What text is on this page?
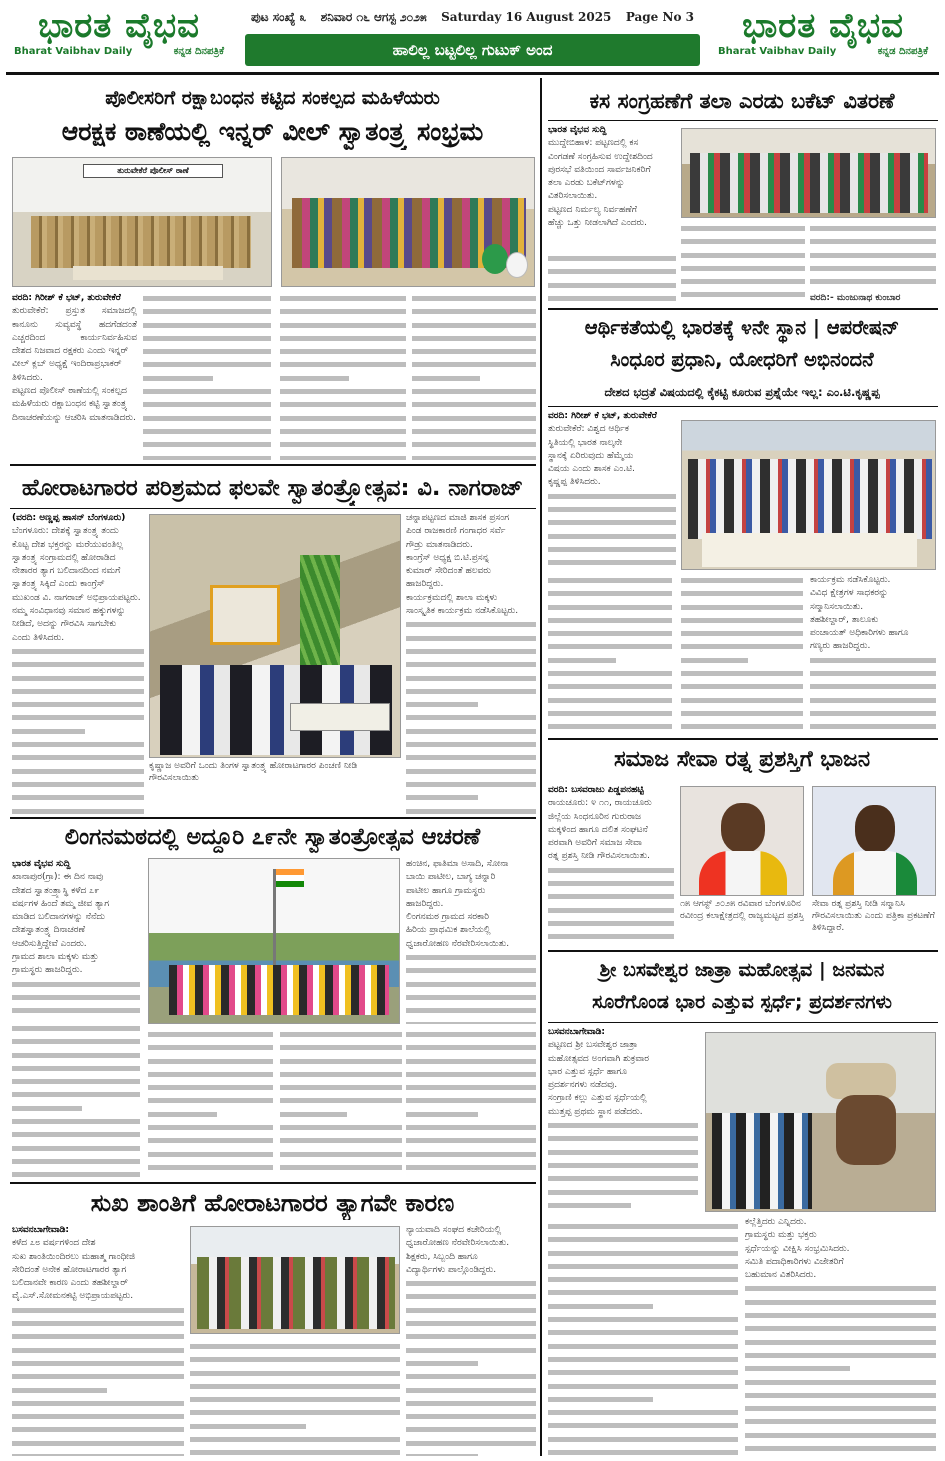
ಭಾರತ ವೈಭವ
Bharat Vaibhav Daily	ಕನ್ನಡ ದಿನಪತ್ರಿಕೆ
ಪುಟ ಸಂಖ್ಯೆ ೩ ಶನಿವಾರ ೧೬ ಆಗಸ್ಟ ೨೦೨೫ Saturday 16 August 2025 Page No 3
ಹಾಲಿಲ್ಲ ಬಟ್ಟಲಿಲ್ಲ ಗುಟುಕ್ ಅಂದ
ಭಾರತ ವೈಭವ
Bharat Vaibhav Daily	ಕನ್ನಡ ದಿನಪತ್ರಿಕೆ
ಪೊಲೀಸರಿಗೆ ರಕ್ಷಾಬಂಧನ ಕಟ್ಟಿದ ಸಂಕಲ್ಪದ ಮಹಿಳೆಯರು
ಆರಕ್ಷಕ ಠಾಣೆಯಲ್ಲಿ ಇನ್ನರ್ ವೀಲ್ ಸ್ವಾತಂತ್ರ್ಯ ಸಂಭ್ರಮ
ತುರುವೇಕೆರೆ ಪೊಲೀಸ್ ಠಾಣೆ
ವರದಿ: ಗಿರೀಶ್ ಕೆ ಭಟ್, ತುರುವೇಕೆರೆ
ತುರುವೇಕೆರೆ: ಪ್ರಸ್ತುತ ಸಮಾಜದಲ್ಲಿ
ಕಾನೂನು ಸುವ್ಯವಸ್ಥೆ ಹದಗೆಡದಂತೆ
ಎಚ್ಚರದಿಂದ ಕಾರ್ಯನಿರ್ವಹಿಸುವ
ದೇಶದ ನಿಜವಾದ ರಕ್ಷಕರು ಎಂದು ಇನ್ನರ್
ವೀಲ್ ಕ್ಲಬ್ ಅಧ್ಯಕ್ಷೆ ಇಂದಿರಾಪ್ರಭಾಕರ್
ತಿಳಿಸಿದರು.
ಪಟ್ಟಣದ ಪೊಲೀಸ್ ಠಾಣೆಯಲ್ಲಿ ಸಂಕಲ್ಪದ
ಮಹಿಳೆಯರು ರಕ್ಷಾಬಂಧನ ಕಟ್ಟಿ ಸ್ವಾತಂತ್ರ್ಯ
ದಿನಾಚರಣೆಯನ್ನು ಆಚರಿಸಿ ಮಾತನಾಡಿದರು.
ಹೋರಾಟಗಾರರ ಪರಿಶ್ರಮದ ಫಲವೇ ಸ್ವಾತಂತ್ರ್ಯೋತ್ಸವ: ವಿ. ನಾಗರಾಜ್
(ವರದಿ: ಅಣ್ಣಪ್ಪ ಹಾಸನ್ ಬೆಂಗಳೂರು)
ಬೆಂಗಳೂರು: ದೇಶಕ್ಕೆ ಸ್ವಾತಂತ್ರ್ಯ ತಂದು
ಕೊಟ್ಟ ದೇಶ ಭಕ್ತರನ್ನು ಮರೆಯುವಂತಿಲ್ಲ
ಸ್ವಾತಂತ್ರ್ಯ ಸಂಗ್ರಾಮದಲ್ಲಿ ಹೋರಾಡಿದ
ನೇತಾರರ ತ್ಯಾಗ ಬಲಿದಾನದಿಂದ ನಮಗೆ
ಸ್ವಾತಂತ್ರ್ಯ ಸಿಕ್ಕಿದೆ ಎಂದು ಕಾಂಗ್ರೆಸ್
ಮುಖಂಡ ವಿ. ನಾಗರಾಜ್ ಅಭಿಪ್ರಾಯಪಟ್ಟರು.
ನಮ್ಮ ಸಂವಿಧಾನವು ಸಮಾನ ಹಕ್ಕುಗಳನ್ನು
ನೀಡಿದೆ, ಅದನ್ನು ಗೌರವಿಸಿ ಸಾಗಬೇಕು
ಎಂದು ತಿಳಿಸಿದರು.
ಕೃಷ್ಣಾಜ ಅವರಿಗೆ ಒಂದು ತಿಂಗಳ ಸ್ವಾತಂತ್ರ್ಯ ಹೋರಾಟಗಾರರ ಪಿಂಚಣಿ ನೀಡಿ ಗೌರವಿಸಲಾಯಿತು
ಚನ್ನಾಪಟ್ಟಣದ ಮಾಜಿ ಶಾಸಕ ಪ್ರಸಂಗ
ಪಿಂಡ ರಾಜಕಾರಣಿ ಗಂಗಾಧರ ಸರ್ವೆ
ಗೌಡ್ರು ಮಾತನಾಡಿದರು.
ಕಾಂಗ್ರೆಸ್ ಅಧ್ಯಕ್ಷ ಬಿ.ಟಿ.ಪ್ರಸನ್ನ
ಕುಮಾರ್ ಸೇರಿದಂತೆ ಹಲವರು
ಹಾಜರಿದ್ದರು.
ಕಾರ್ಯಕ್ರಮದಲ್ಲಿ ಶಾಲಾ ಮಕ್ಕಳು
ಸಾಂಸ್ಕೃತಿಕ ಕಾರ್ಯಕ್ರಮ ನಡೆಸಿಕೊಟ್ಟರು.
ಲಿಂಗನಮಠದಲ್ಲಿ ಅದ್ದೂರಿ ೭೯ನೇ ಸ್ವಾತಂತ್ರೋತ್ಸವ ಆಚರಣೆ
ಭಾರತ ವೈಭವ ಸುದ್ದಿ
ಖಾನಾಪುರ(ಗ್ರಾ): ಈ ದಿನ ನಾವು
ದೇಶದ ಸ್ವಾತಂತ್ರ್ಯಾಸ್ಥಿ ಕಳೆದ ೭೯
ವರ್ಷಗಳ ಹಿಂದೆ ತಮ್ಮ ಜೀವ ತ್ಯಾಗ
ಮಾಡಿದ ಬಲಿದಾನಗಳನ್ನು ನೆನೆದು
ದೇಶಸ್ವಾತಂತ್ರ್ಯ ದಿನಾಚರಣೆ
ಆಚರಿಸುತ್ತಿದ್ದೇವೆ ಎಂದರು.
ಗ್ರಾಮದ ಶಾಲಾ ಮಕ್ಕಳು ಮತ್ತು
ಗ್ರಾಮಸ್ಥರು ಹಾಜರಿದ್ದರು.
ಹಂಚಿನ, ಫಾತಿಮಾ ಅಸಾದಿ, ಸೋನಾ
ಬಾಯಿ ಪಾಟೀಲ, ಬಾಗ್ಯ ಚನ್ನಾರಿ
ಪಾಟೀಲ ಹಾಗೂ ಗ್ರಾಮಸ್ಥರು
ಹಾಜರಿದ್ದರು.
ಲಿಂಗನಮಠ ಗ್ರಾಮದ ಸರಕಾರಿ
ಹಿರಿಯ ಪ್ರಾಥಮಿಕ ಶಾಲೆಯಲ್ಲಿ
ಧ್ವಜಾರೋಹಣ ನೆರವೇರಿಸಲಾಯಿತು.
ಸುಖ ಶಾಂತಿಗೆ ಹೋರಾಟಗಾರರ ತ್ಯಾಗವೇ ಕಾರಣ
ಬಸವನಬಾಗೇವಾಡಿ:
ಕಳೆದ ೭೮ ವರ್ಷಗಳಿಂದ ದೇಶ
ಸುಖ ಶಾಂತಿಯಿಂದಿರಲು ಮಹಾತ್ಮ ಗಾಂಧೀಜಿ
ಸೇರಿದಂತೆ ಅನೇಕ ಹೋರಾಟಗಾರರ ತ್ಯಾಗ
ಬಲಿದಾನವೇ ಕಾರಣ ಎಂದು ತಹಶೀಲ್ದಾರ್
ವೈ.ಎಸ್.ಸೋಮನಕಟ್ಟಿ ಅಭಿಪ್ರಾಯಪಟ್ಟರು.
ನ್ಯಾಯವಾದಿ ಸಂಘದ ಕಚೇರಿಯಲ್ಲಿ
ಧ್ವಜಾರೋಹಣ ನೆರವೇರಿಸಲಾಯಿತು.
ಶಿಕ್ಷಕರು, ಸಿಬ್ಬಂದಿ ಹಾಗೂ
ವಿದ್ಯಾರ್ಥಿಗಳು ಪಾಲ್ಗೊಂಡಿದ್ದರು.
ಕಸ ಸಂಗ್ರಹಣೆಗೆ ತಲಾ ಎರಡು ಬಕೆಟ್ ವಿತರಣೆ
ಭಾರತ ವೈಭವ ಸುದ್ದಿ
ಮುದ್ದೇಬಿಹಾಳ: ಪಟ್ಟಣದಲ್ಲಿ ಕಸ
ವಿಂಗಡಣೆ ಸಂಗ್ರಹಿಸುವ ಉದ್ದೇಶದಿಂದ
ಪುರಸಭೆ ವತಿಯಿಂದ ಸಾರ್ವಜನಿಕರಿಗೆ
ತಲಾ ಎರಡು ಬಕೆಟ್‌ಗಳನ್ನು
ವಿತರಿಸಲಾಯಿತು.
ಪಟ್ಟಣದ ನಿರ್ಮಲ್ಯ ನಿರ್ವಹಣೆಗೆ
ಹೆಚ್ಚು ಒತ್ತು ನೀಡಲಾಗಿದೆ ಎಂದರು.
ವರದಿ:- ಮಂಜುನಾಥ ಕುಂಬಾರ
ಆರ್ಥಿಕತೆಯಲ್ಲಿ ಭಾರತಕ್ಕೆ ೪ನೇ ಸ್ಥಾನ | ಆಪರೇಷನ್
ಸಿಂಧೂರ ಪ್ರಧಾನಿ, ಯೋಧರಿಗೆ ಅಭಿನಂದನೆ
ದೇಶದ ಭದ್ರತೆ ವಿಷಯದಲ್ಲಿ ಕೈಕಟ್ಟಿ ಕೂರುವ ಪ್ರಶ್ನೆಯೇ ಇಲ್ಲ: ಎಂ.ಟಿ.ಕೃಷ್ಣಪ್ಪ
ವರದಿ: ಗಿರೀಶ್ ಕೆ ಭಟ್, ತುರುವೇಕೆರೆ
ತುರುವೇಕೆರೆ: ವಿಶ್ವದ ಆರ್ಥಿಕ
ಸ್ಥಿತಿಯಲ್ಲಿ ಭಾರತ ನಾಲ್ಕನೇ
ಸ್ಥಾನಕ್ಕೆ ಏರಿರುವುದು ಹೆಮ್ಮೆಯ
ವಿಷಯ ಎಂದು ಶಾಸಕ ಎಂ.ಟಿ.
ಕೃಷ್ಣಪ್ಪ ತಿಳಿಸಿದರು.
ಕಾರ್ಯಕ್ರಮ ನಡೆಸಿಕೊಟ್ಟರು.
ವಿವಿಧ ಕ್ಷೇತ್ರಗಳ ಸಾಧಕರನ್ನು
ಸನ್ಮಾನಿಸಲಾಯಿತು.
ತಹಶೀಲ್ದಾರ್, ತಾಲೂಕು
ಪಂಚಾಯತ್ ಅಧಿಕಾರಿಗಳು ಹಾಗೂ
ಗಣ್ಯರು ಹಾಜರಿದ್ದರು.
ಸಮಾಜ ಸೇವಾ ರತ್ನ ಪ್ರಶಸ್ತಿಗೆ ಭಾಜನ
ವರದಿ: ಬಸವರಾಜು ಪಿಡ್ಡಪನಹಟ್ಟಿ
ರಾಯಚೂರು: ೪ ೧೧, ರಾಯಚೂರು
ಜಿಲ್ಲೆಯ ಸಿಂಧನೂರಿನ ಗುರುರಾಜ
ಮಕ್ಕಳಿಂದ ಹಾಗೂ ದಲಿತ ಸಂಘಟನೆ
ಪರವಾಗಿ ಅವರಿಗೆ ಸಮಾಜ ಸೇವಾ
ರತ್ನ ಪ್ರಶಸ್ತಿ ನೀಡಿ ಗೌರವಿಸಲಾಯಿತು.
೧೫ ಆಗಸ್ಟ್ ೨೦೨೫ ರವಿವಾರ ಬೆಂಗಳೂರಿನ ರವೀಂದ್ರ ಕಲಾಕ್ಷೇತ್ರದಲ್ಲಿ ರಾಜ್ಯಮಟ್ಟದ ಪ್ರಶಸ್ತಿ
ಸೇವಾ ರತ್ನ ಪ್ರಶಸ್ತಿ ನೀಡಿ ಸನ್ಮಾನಿಸಿ ಗೌರವಿಸಲಾಯಿತು ಎಂದು ಪತ್ರಿಕಾ ಪ್ರಕಟಣೆಗೆ ತಿಳಿಸಿದ್ದಾರೆ.
ಶ್ರೀ ಬಸವೇಶ್ವರ ಜಾತ್ರಾ ಮಹೋತ್ಸವ | ಜನಮನ
ಸೂರೆಗೊಂಡ ಭಾರ ಎತ್ತುವ ಸ್ಪರ್ಧೆ; ಪ್ರದರ್ಶನಗಳು
ಬಸವನಬಾಗೇವಾಡಿ:
ಪಟ್ಟಣದ ಶ್ರೀ ಬಸವೇಶ್ವರ ಜಾತ್ರಾ
ಮಹೋತ್ಸವದ ಅಂಗವಾಗಿ ಶುಕ್ರವಾರ
ಭಾರ ಎತ್ತುವ ಸ್ಪರ್ಧೆ ಹಾಗೂ
ಪ್ರದರ್ಶನಗಳು ನಡೆದವು.
ಸಂಗ್ರಾಣಿ ಕಲ್ಲು ಎತ್ತುವ ಸ್ಪರ್ಧೆಯಲ್ಲಿ
ಮುತ್ತಪ್ಪ ಪ್ರಥಮ ಸ್ಥಾನ ಪಡೆದರು.
ಕಲ್ಲೆತ್ತಿದರು ಎನ್ನಿದರು.
ಗ್ರಾಮಸ್ಥರು ಮತ್ತು ಭಕ್ತರು
ಸ್ಪರ್ಧೆಯನ್ನು ವೀಕ್ಷಿಸಿ ಸಂಭ್ರಮಿಸಿದರು.
ಸಮಿತಿ ಪದಾಧಿಕಾರಿಗಳು ವಿಜೇತರಿಗೆ
ಬಹುಮಾನ ವಿತರಿಸಿದರು.
